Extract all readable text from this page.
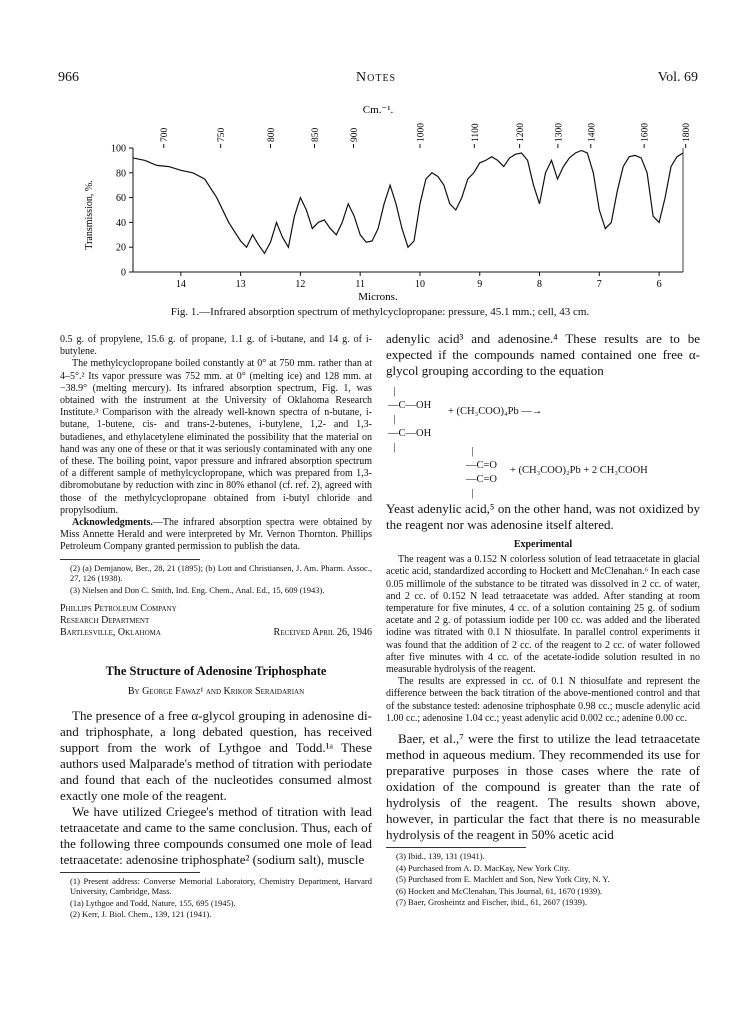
966	Notes	Vol. 69
Cm.⁻¹.
700	750	800	850	900	1000	1100	1200	1300 1400	1600	1800
100
80
60
40
20
0
14	13	12	11	10	9	8	7	6
Transmission, %.
Microns.
Fig. 1.—Infrared absorption spectrum of methylcyclopropane: pressure, 45.1 mm.; cell, 43 cm.

0.5 g. of propylene, 15.6 g. of propane, 1.1 g. of i-butane, and 14 g. of i-butylene.

The methylcyclopropane boiled constantly at 0° at 750 mm. rather than at 4–5°.² Its vapor pressure was 752 mm. at 0° (melting ice) and 128 mm. at −38.9° (melting mercury). Its infrared absorption spectrum, Fig. 1, was obtained with the instrument at the University of Oklahoma Research Institute.³ Comparison with the already well-known spectra of n-butane, i-butane, 1-butene, cis- and trans-2-butenes, i-butylene, 1,2- and 1,3-butadienes, and ethylacetylene eliminated the possibility that the material on hand was any one of these or that it was seriously contaminated with any one of these. The boiling point, vapor pressure and infrared absorption spectrum of a different sample of methylcyclopropane, which was prepared from 1,3-dibromobutane by reduction with zinc in 80% ethanol (cf. ref. 2), agreed with those of the methylcyclopropane obtained from i-butyl chloride and propylsodium.

Acknowledgments.—The infrared absorption spectra were obtained by Miss Annette Herald and were interpreted by Mr. Vernon Thornton. Phillips Petroleum Company granted permission to publish the data.

(2) (a) Demjanow, Ber., 28, 21 (1895); (b) Lott and Christiansen, J. Am. Pharm. Assoc., 27, 126 (1938).

(3) Nielsen and Don C. Smith, Ind. Eng. Chem., Anal. Ed., 15, 609 (1943).

Phillips Petroleum Company
Research Department
Bartlesville, Oklahoma	Received April 26, 1946
The Structure of Adenosine Triphosphate
By George Fawaz¹ and Krikor Seraidarian

The presence of a free α-glycol grouping in adenosine di- and triphosphate, a long debated question, has received support from the work of Lythgoe and Todd.¹ᵃ These authors used Malparade's method of titration with periodate and found that each of the nucleotides consumed almost exactly one mole of the reagent.

We have utilized Criegee's method of titration with lead tetraacetate and came to the same conclusion. Thus, each of the following three compounds consumed one mole of lead tetraacetate: adenosine triphosphate² (sodium salt), muscle

(1) Present address: Converse Memorial Laboratory, Chemistry Department, Harvard University, Cambridge, Mass.

(1a) Lythgoe and Todd, Nature, 155, 695 (1945).

(2) Kerr, J. Biol. Chem., 139, 121 (1941).

adenylic acid³ and adenosine.⁴ These results are to be expected if the compounds named contained one free α-glycol grouping according to the equation

|
—C—OH
|
—C—OH
|
+ (CH₃COO)₄Pb —→
|
—C=O
—C=O
|
+ (CH₃COO)₂Pb + 2 CH₃COOH

Yeast adenylic acid,⁵ on the other hand, was not oxidized by the reagent nor was adenosine itself altered.

Experimental

The reagent was a 0.152 N colorless solution of lead tetraacetate in glacial acetic acid, standardized according to Hockett and McClenahan.⁶ In each case 0.05 millimole of the substance to be titrated was dissolved in 2 cc. of water, and 2 cc. of 0.152 N lead tetraacetate was added. After standing at room temperature for five minutes, 4 cc. of a solution containing 25 g. of sodium acetate and 2 g. of potassium iodide per 100 cc. was added and the liberated iodine was titrated with 0.1 N thiosulfate. In parallel control experiments it was found that the addition of 2 cc. of the reagent to 2 cc. of water followed after five minutes with 4 cc. of the acetate-iodide solution resulted in no measurable hydrolysis of the reagent.

The results are expressed in cc. of 0.1 N thiosulfate and represent the difference between the back titration of the above-mentioned control and that of the substance tested: adenosine triphosphate 0.98 cc.; muscle adenylic acid 1.00 cc.; adenosine 1.04 cc.; yeast adenylic acid 0.002 cc.; adenine 0.00 cc.

Baer, et al.,⁷ were the first to utilize the lead tetraacetate method in aqueous medium. They recommended its use for preparative purposes in those cases where the rate of oxidation of the compound is greater than the rate of hydrolysis of the reagent. The results shown above, however, in particular the fact that there is no measurable hydrolysis of the reagent in 50% acetic acid

(3) Ibid., 139, 131 (1941).

(4) Purchased from A. D. MacKay, New York City.

(5) Purchased from E. Machlett and Son, New York City, N. Y.

(6) Hockett and McClenahan, This Journal, 61, 1670 (1939).

(7) Baer, Grosheintz and Fischer, ibid., 61, 2607 (1939).
